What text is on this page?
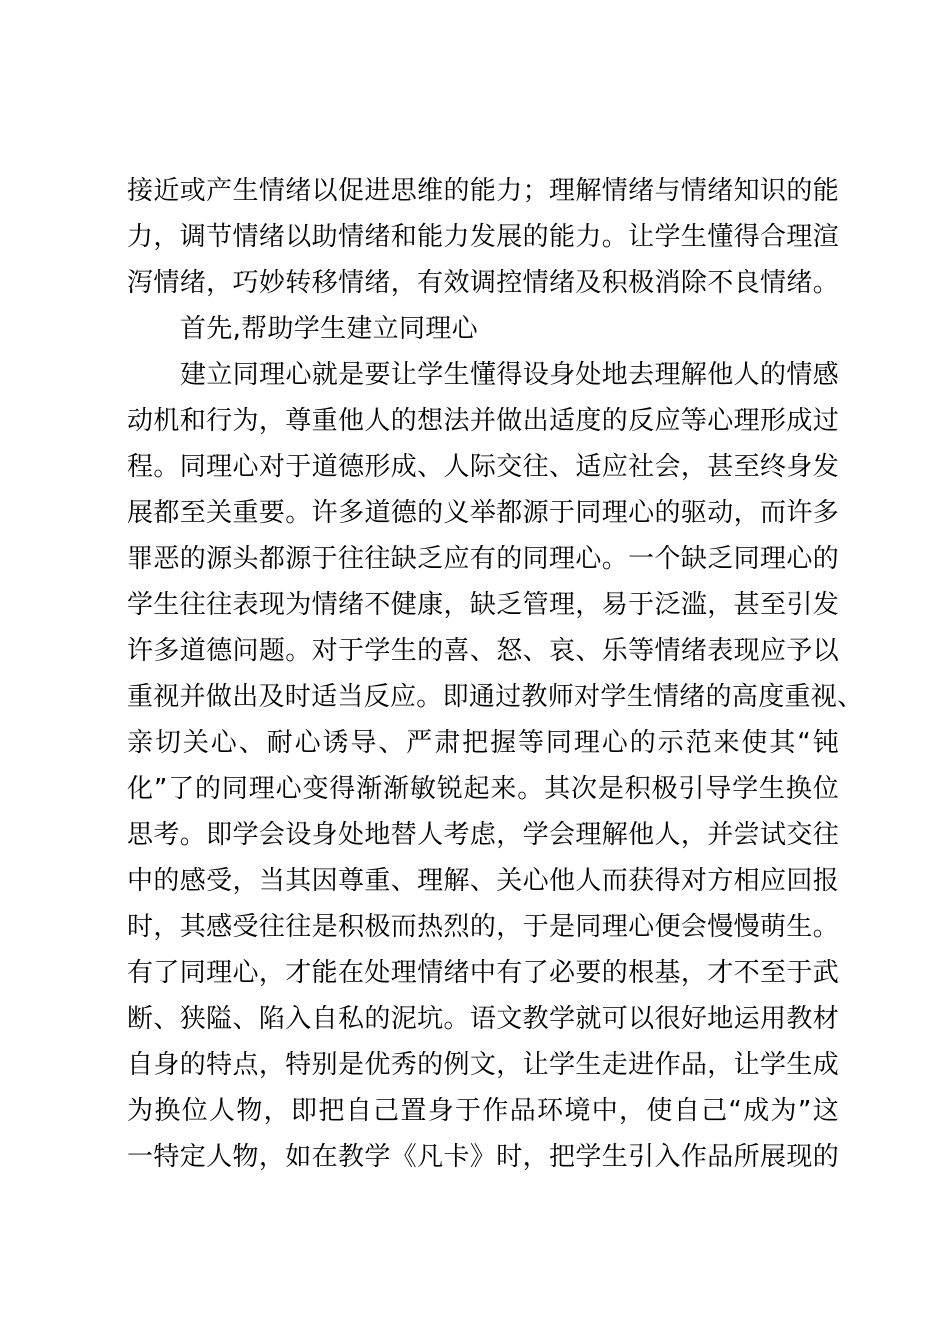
接近或产生情绪以促进思维的能力；理解情绪与情绪知识的能
力，调节情绪以助情绪和能力发展的能力。让学生懂得合理渲
泻情绪，巧妙转移情绪，有效调控情绪及积极消除不良情绪。
首先,帮助学生建立同理心
建立同理心就是要让学生懂得设身处地去理解他人的情感
动机和行为，尊重他人的想法并做出适度的反应等心理形成过
程。同理心对于道德形成、人际交往、适应社会，甚至终身发
展都至关重要。许多道德的义举都源于同理心的驱动，而许多
罪恶的源头都源于往往缺乏应有的同理心。一个缺乏同理心的
学生往往表现为情绪不健康，缺乏管理，易于泛滥，甚至引发
许多道德问题。对于学生的喜、怒、哀、乐等情绪表现应予以
重视并做出及时适当反应。即通过教师对学生情绪的高度重视、
亲切关心、耐心诱导、严肃把握等同理心的示范来使其“钝
化”了的同理心变得渐渐敏锐起来。其次是积极引导学生换位
思考。即学会设身处地替人考虑，学会理解他人，并尝试交往
中的感受，当其因尊重、理解、关心他人而获得对方相应回报
时，其感受往往是积极而热烈的，于是同理心便会慢慢萌生。
有了同理心，才能在处理情绪中有了必要的根基，才不至于武
断、狭隘、陷入自私的泥坑。语文教学就可以很好地运用教材
自身的特点，特别是优秀的例文，让学生走进作品，让学生成
为换位人物，即把自己置身于作品环境中，使自己“成为”这
一特定人物，如在教学《凡卡》时，把学生引入作品所展现的
